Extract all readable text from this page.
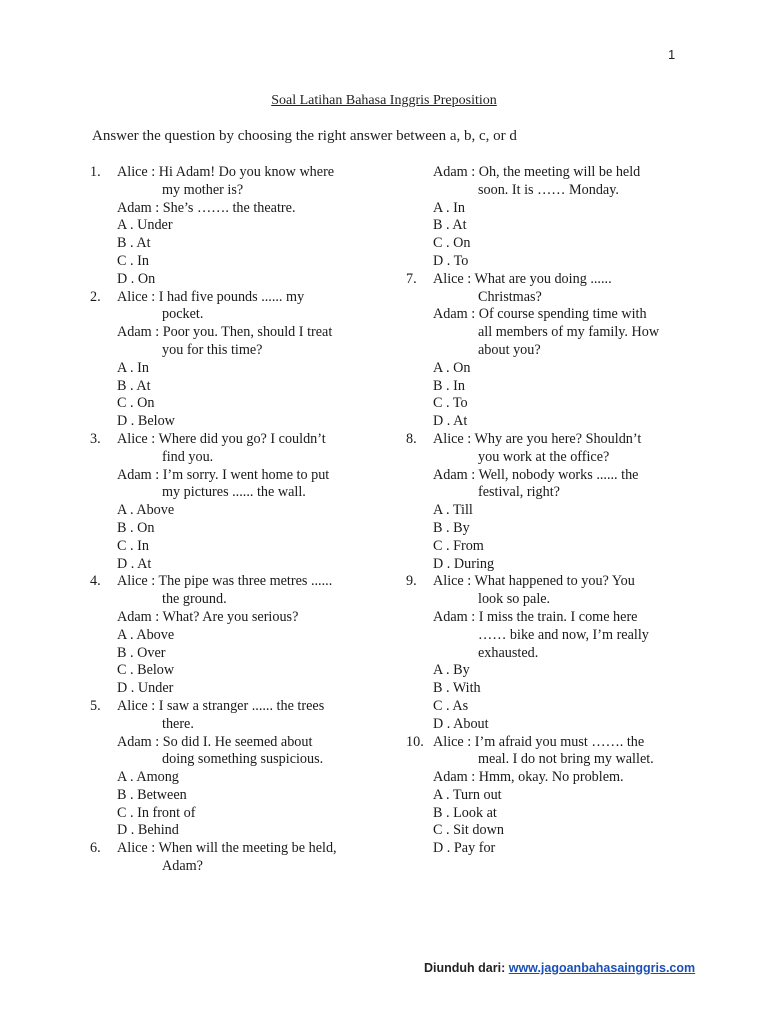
1
Soal Latihan Bahasa Inggris Preposition
Answer the question by choosing the right answer between a, b, c, or d
1. Alice : Hi Adam! Do you know where
my mother is?
Adam : She’s ……. the theatre.
A . Under
B . At
C . In
D . On
2. Alice : I had five pounds ...... my
pocket.
Adam : Poor you. Then, should I treat
you for this time?
A . In
B . At
C . On
D . Below
3. Alice : Where did you go? I couldn’t
find you.
Adam : I’m sorry. I went home to put
my pictures ...... the wall.
A . Above
B . On
C . In
D . At
4. Alice : The pipe was three metres ......
the ground.
Adam : What? Are you serious?
A . Above
B . Over
C . Below
D . Under
5. Alice : I saw a stranger ...... the trees
there.
Adam : So did I. He seemed about
doing something suspicious.
A . Among
B . Between
C . In front of
D . Behind
6. Alice : When will the meeting be held,
Adam?
Adam : Oh, the meeting will be held
soon. It is …… Monday.
A . In
B . At
C . On
D . To
7. Alice : What are you doing ......
Christmas?
Adam : Of course spending time with
all members of my family. How
about you?
A . On
B . In
C . To
D . At
8. Alice : Why are you here? Shouldn’t
you work at the office?
Adam : Well, nobody works ...... the
festival, right?
A . Till
B . By
C . From
D . During
9. Alice : What happened to you? You
look so pale.
Adam : I miss the train. I come here
…… bike and now, I’m really
exhausted.
A . By
B . With
C . As
D . About
10. Alice : I’m afraid you must ……. the
meal. I do not bring my wallet.
Adam : Hmm, okay. No problem.
A . Turn out
B . Look at
C . Sit down
D . Pay for
Diunduh dari: www.jagoanbahasainggris.com
